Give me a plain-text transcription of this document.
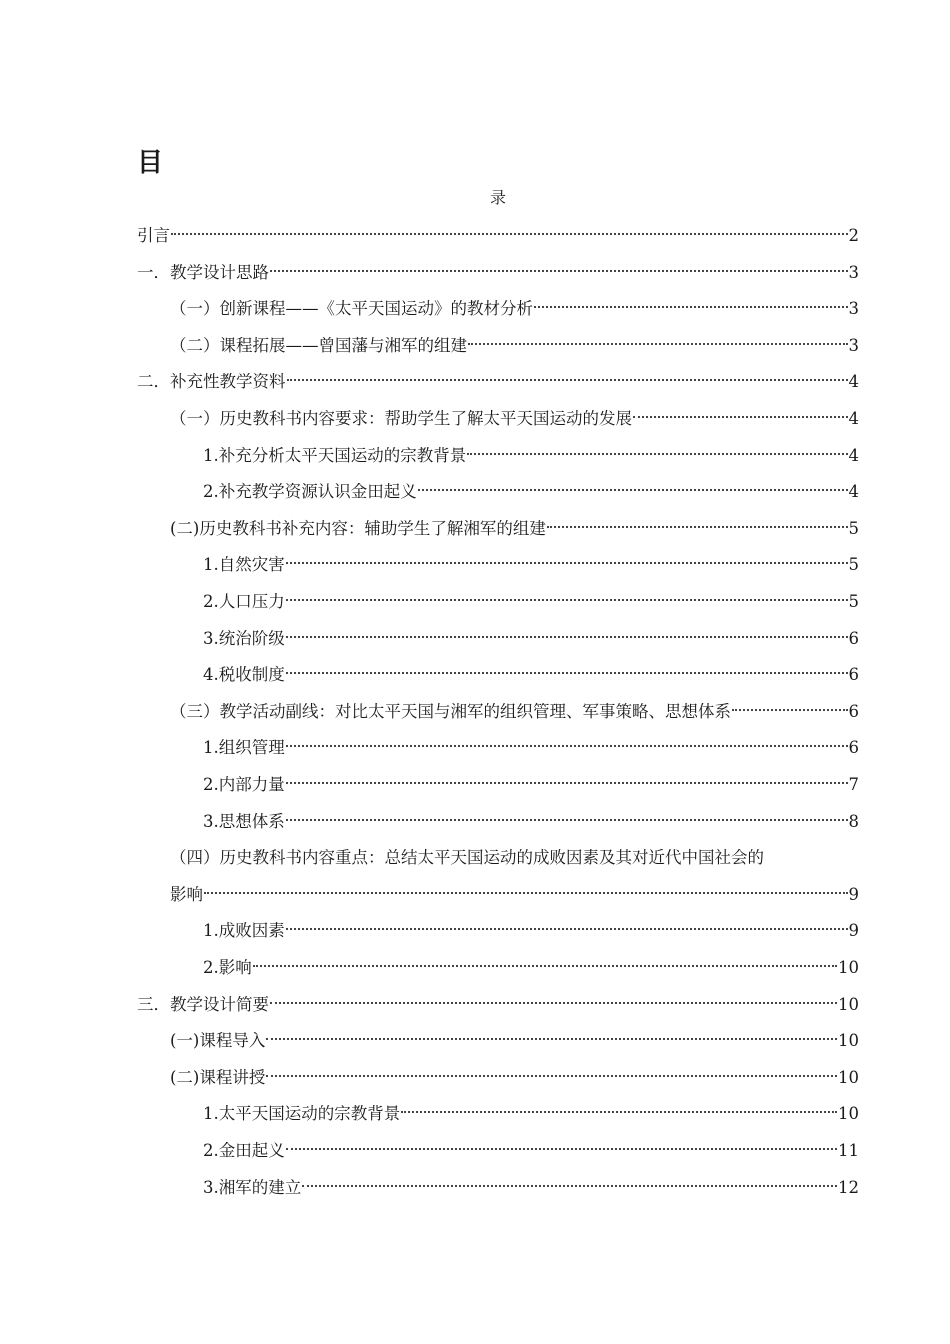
目
录
引言	2
一．教学设计思路	3
（一）创新课程——《太平天国运动》的教材分析	3
（二）课程拓展——曾国藩与湘军的组建	3
二．补充性教学资料	4
（一）历史教科书内容要求：帮助学生了解太平天国运动的发展	4
1.补充分析太平天国运动的宗教背景	4
2.补充教学资源认识金田起义	4
(二)历史教科书补充内容：辅助学生了解湘军的组建	5
1.自然灾害	5
2.人口压力	5
3.统治阶级	6
4.税收制度	6
（三）教学活动副线：对比太平天国与湘军的组织管理、军事策略、思想体系	6
1.组织管理	6
2.内部力量	7
3.思想体系	8
（四）历史教科书内容重点：总结太平天国运动的成败因素及其对近代中国社会的
影响	9
1.成败因素	9
2.影响	10
三．教学设计简要	10
(一)课程导入	10
(二)课程讲授	10
1.太平天国运动的宗教背景	10
2.金田起义	11
3.湘军的建立	12
